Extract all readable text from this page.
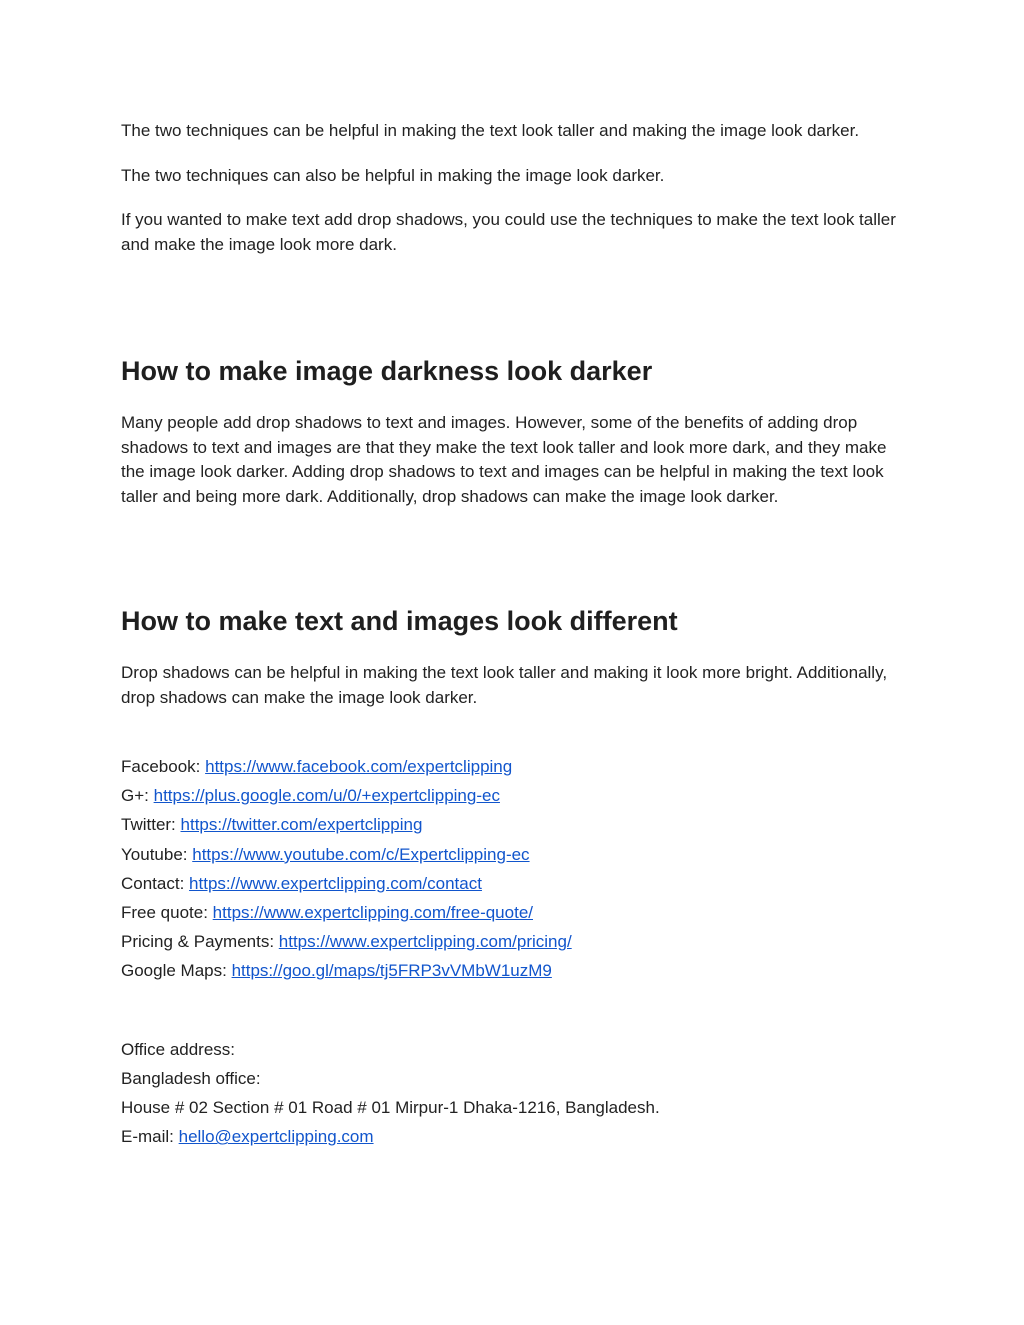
The two techniques can be helpful in making the text look taller and making the image look darker.

The two techniques can also be helpful in making the image look darker.

If you wanted to make text add drop shadows, you could use the techniques to make the text look taller and make the image look more dark.

How to make image darkness look darker

Many people add drop shadows to text and images. However, some of the benefits of adding drop shadows to text and images are that they make the text look taller and look more dark, and they make the image look darker. Adding drop shadows to text and images can be helpful in making the text look taller and being more dark. Additionally, drop shadows can make the image look darker.

How to make text and images look different

Drop shadows can be helpful in making the text look taller and making it look more bright. Additionally, drop shadows can make the image look darker.

Facebook: https://www.facebook.com/expertclipping
G+: https://plus.google.com/u/0/+expertclipping-ec
Twitter: https://twitter.com/expertclipping
Youtube: https://www.youtube.com/c/Expertclipping-ec
Contact: https://www.expertclipping.com/contact
Free quote: https://www.expertclipping.com/free-quote/
Pricing & Payments: https://www.expertclipping.com/pricing/
Google Maps: https://goo.gl/maps/tj5FRP3vVMbW1uzM9
Office address:
Bangladesh office:
House # 02 Section # 01 Road # 01 Mirpur-1 Dhaka-1216, Bangladesh.
E-mail: hello@expertclipping.com
